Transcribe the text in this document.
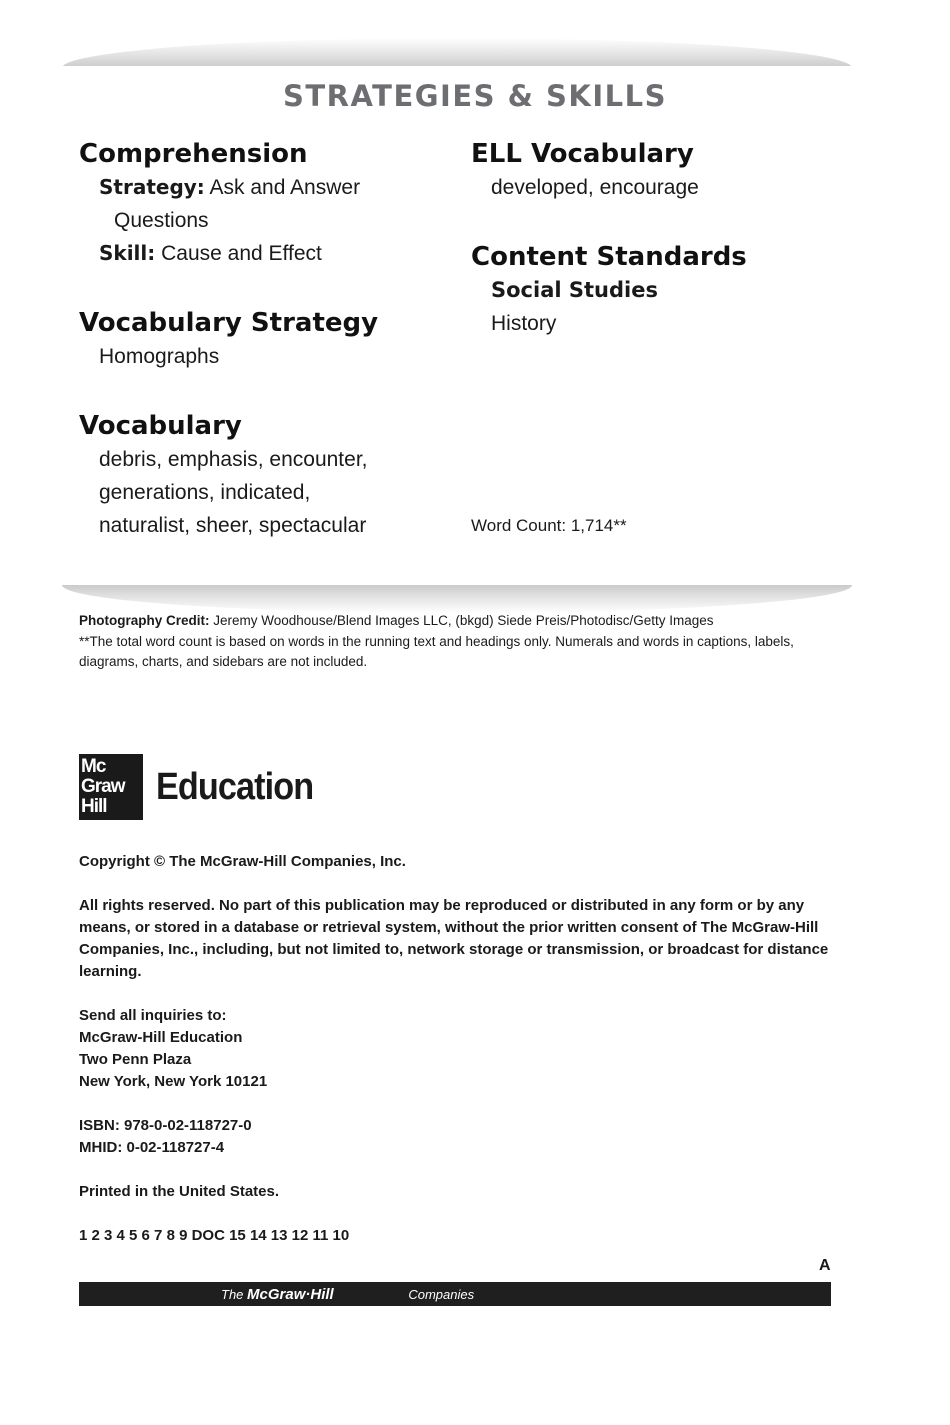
STRATEGIES & SKILLS
Comprehension
Strategy: Ask and Answer
Questions
Skill: Cause and Effect
Vocabulary Strategy
Homographs
Vocabulary
debris, emphasis, encounter,
generations, indicated,
naturalist, sheer, spectacular
ELL Vocabulary
developed, encourage
Content Standards
Social Studies
History
Word Count: 1,714**

Photography Credit: Jeremy Woodhouse/Blend Images LLC, (bkgd) Siede Preis/Photodisc/Getty Images

**The total word count is based on words in the running text and headings only. Numerals and words in captions, labels, diagrams, charts, and sidebars are not included.

Mc
Graw
Hill	Education

Copyright © The McGraw-Hill Companies, Inc.

All rights reserved. No part of this publication may be reproduced or distributed in any form or by any means, or stored in a database or retrieval system, without the prior written consent of The McGraw-Hill Companies, Inc., including, but not limited to, network storage or transmission, or broadcast for distance learning.

Send all inquiries to:
McGraw-Hill Education
Two Penn Plaza
New York, New York 10121

ISBN: 978-0-02-118727-0
MHID: 0-02-118727-4

Printed in the United States.

1 2 3 4 5 6 7 8 9 DOC 15 14 13 12 11 10

A
The McGraw·Hill	Companies
